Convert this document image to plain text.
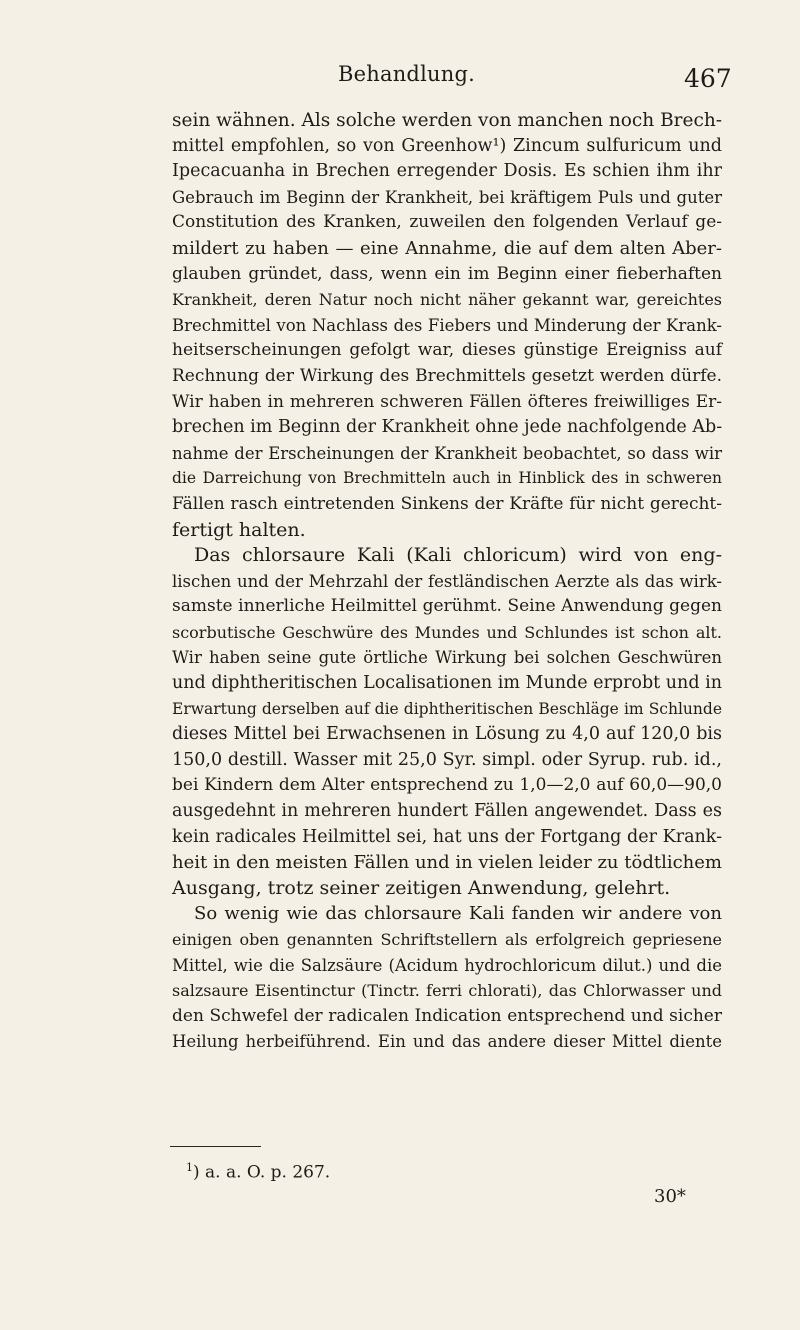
Behandlung.	467
sein wähnen. Als solche werden von manchen noch Brech-
mittel empfohlen, so von Greenhow¹) Zincum sulfuricum und
Ipecacuanha in Brechen erregender Dosis. Es schien ihm ihr
Gebrauch im Beginn der Krankheit, bei kräftigem Puls und guter
Constitution des Kranken, zuweilen den folgenden Verlauf ge-
mildert zu haben — eine Annahme, die auf dem alten Aber-
glauben gründet, dass, wenn ein im Beginn einer fieberhaften
Krankheit, deren Natur noch nicht näher gekannt war, gereichtes
Brechmittel von Nachlass des Fiebers und Minderung der Krank-
heitserscheinungen gefolgt war, dieses günstige Ereigniss auf
Rechnung der Wirkung des Brechmittels gesetzt werden dürfe.
Wir haben in mehreren schweren Fällen öfteres freiwilliges Er-
brechen im Beginn der Krankheit ohne jede nachfolgende Ab-
nahme der Erscheinungen der Krankheit beobachtet, so dass wir
die Darreichung von Brechmitteln auch in Hinblick des in schweren
Fällen rasch eintretenden Sinkens der Kräfte für nicht gerecht-
fertigt halten.
Das chlorsaure Kali (Kali chloricum) wird von eng-
lischen und der Mehrzahl der festländischen Aerzte als das wirk-
samste innerliche Heilmittel gerühmt. Seine Anwendung gegen
scorbutische Geschwüre des Mundes und Schlundes ist schon alt.
Wir haben seine gute örtliche Wirkung bei solchen Geschwüren
und diphtheritischen Localisationen im Munde erprobt und in
Erwartung derselben auf die diphtheritischen Beschläge im Schlunde
dieses Mittel bei Erwachsenen in Lösung zu 4,0 auf 120,0 bis
150,0 destill. Wasser mit 25,0 Syr. simpl. oder Syrup. rub. id.,
bei Kindern dem Alter entsprechend zu 1,0—2,0 auf 60,0—90,0
ausgedehnt in mehreren hundert Fällen angewendet. Dass es
kein radicales Heilmittel sei, hat uns der Fortgang der Krank-
heit in den meisten Fällen und in vielen leider zu tödtlichem
Ausgang, trotz seiner zeitigen Anwendung, gelehrt.
So wenig wie das chlorsaure Kali fanden wir andere von
einigen oben genannten Schriftstellern als erfolgreich gepriesene
Mittel, wie die Salzsäure (Acidum hydrochloricum dilut.) und die
salzsaure Eisentinctur (Tinctr. ferri chlorati), das Chlorwasser und
den Schwefel der radicalen Indication entsprechend und sicher
Heilung herbeiführend. Ein und das andere dieser Mittel diente
$^1$) a. a. O. p. 267.
30*
